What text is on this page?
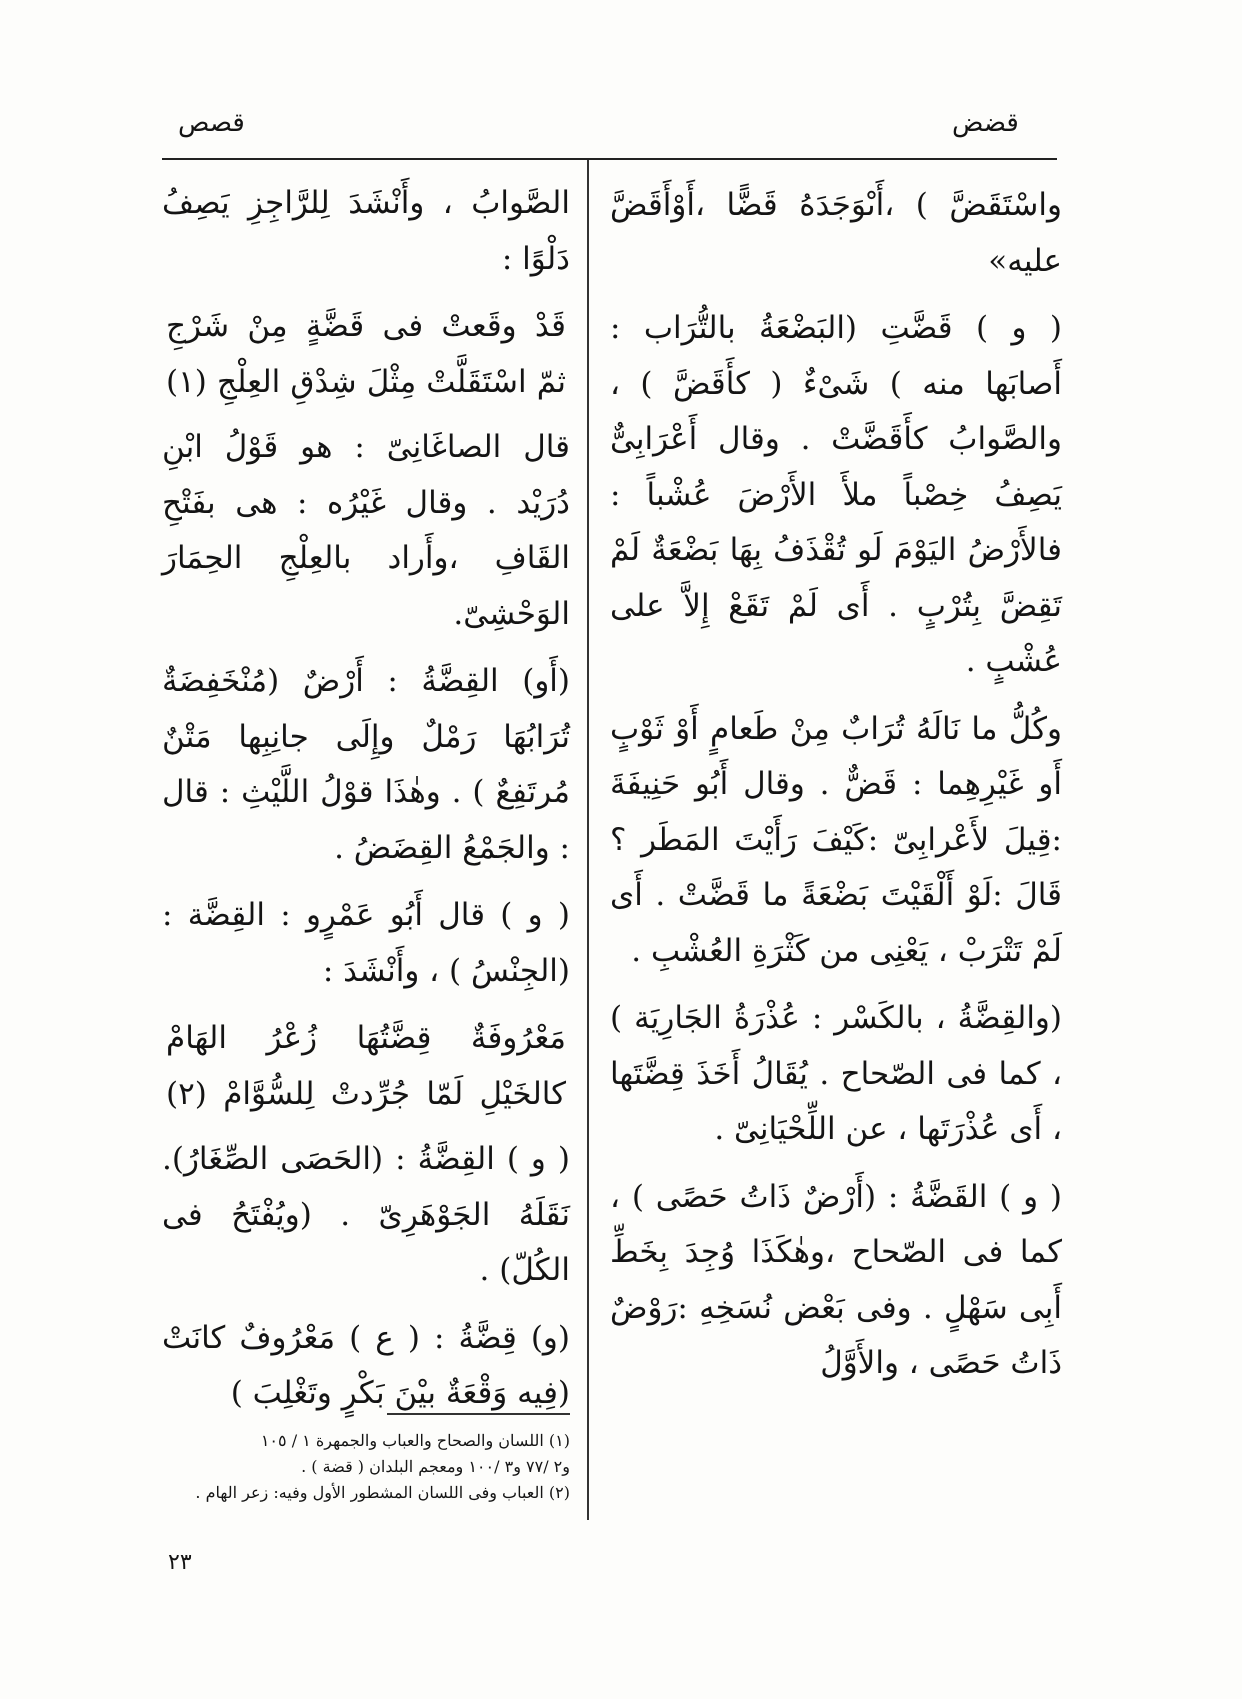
قضض
قصص

واسْتَقَضَّ ) ،أَىْوَجَدَهُ قَضًّا ،أَوْأَقَضَّ عليه»

( و ) قَضَّتِ (البَضْعَةُ بالتُّرَاب : أَصابَها منه ) شَىْءٌ ( كأَقَضَّ ) ، والصَّوابُ كأَقَضَّتْ . وقال أَعْرَابِىٌّ يَصِفُ خِصْباً ملأَ الأَرْضَ عُشْباً : فالأَرْضُ اليَوْمَ لَو تُقْذَفُ بِهَا بَضْعَةٌ لَمْ تَقِضَّ بِتُرْبٍ . أَى لَمْ تَقَعْ إِلاَّ على عُشْبٍ .

وكُلُّ ما نَالَهُ تُرَابٌ مِنْ طَعامٍ أَوْ ثَوْبٍ أَو غَيْرِهِما : قَضٌّ . وقال أَبُو حَنِيفَةَ :قِيلَ لأَعْرابِىّ :كَيْفَ رَأَيْتَ المَطَر ؟قَالَ :لَوْ أَلْقَيْتَ بَضْعَةً ما قَضَّتْ . أَى لَمْ تَتْرَبْ ، يَعْنِى من كَثْرَةِ العُشْبِ .

(والقِضَّةُ ، بالكَسْر : عُذْرَةُ الجَارِيَة ) ، كما فى الصّحاح . يُقَالُ أَخَذَ قِضَّتَها ، أَى عُذْرَتَها ، عن اللِّحْيَانِىّ .

( و ) القَضَّةُ : (أَرْضٌ ذَاتُ حَصًى ) ، كما فى الصّحاح ،وهٰكَذَا وُجِدَ بِخَطِّ أَبِى سَهْلٍ . وفى بَعْض نُسَخِهِ :رَوْضٌ ذَاتُ حَصًى ، والأَوَّلُ

الصَّوابُ ، وأَنْشَدَ لِلرَّاجِزِ يَصِفُ دَلْوًا :

قَدْ وقَعتْ فى قَضَّةٍ مِنْ شَرْجِ
ثمّ اسْتَقَلَّتْ مِثْلَ شِدْقِ العِلْجِ (١)

قال الصاغَانِىّ : هو قَوْلُ ابْنِ دُرَيْد . وقال غَيْرُه : هى بفَتْحِ القَافِ ،وأَراد بالعِلْجِ الحِمَارَ الوَحْشِىّ.

(أَو) القِضَّةُ : أَرْضٌ (مُنْخَفِضَةٌ تُرَابُهَا رَمْلٌ وإِلَى جانِبِها مَتْنٌ مُرتَفِعٌ ) . وهٰذَا قوْلُ اللَّيْثِ : قال : والجَمْعُ القِضَضُ .

( و ) قال أَبُو عَمْرٍو : القِضَّة : (الجِنْسُ ) ، وأَنْشَدَ :

مَعْرُوفَةٌ قِضَّتُهَا زُعْرُ الهَامْ
كالخَيْلِ لَمّا جُرِّدتْ لِلسُّوَّامْ (٢)

( و ) القِضَّةُ : (الحَصَى الصِّغَارُ). نَقَلَهُ الجَوْهَرِىّ . (ويُفْتَحُ فى الكُلّ) .

(و) قِضَّةُ : ( ع ) مَعْرُوفٌ كانَتْ (فِيه وَقْعَةٌ بيْنَ بَكْرٍ وتَغْلِبَ )

(١) اللسان والصحاح والعباب والجمهرة ١ / ١٠٥
و٢ /٧٧ و٣ /١٠٠ ومعجم البلدان ( قضة ) .
(٢) العباب وفى اللسان المشطور الأول وفيه: زعر الهام .
٢٣
